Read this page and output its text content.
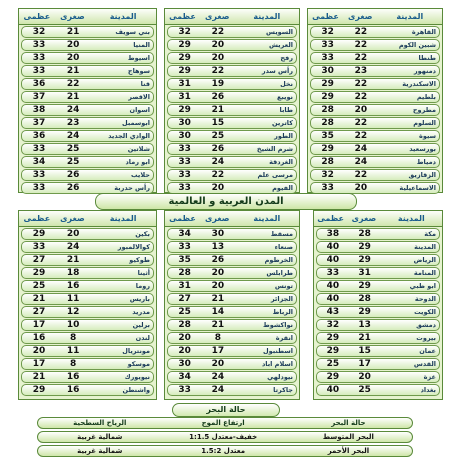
المدينة
صغرى
عظمى
القاهرة
22
32
شبين الكوم
22
33
طنطا
22
33
دمنهور
23
30
الاسكندرية
22
29
بلطيم
22
29
مطروح
20
28
السلوم
22
28
سيوة
22
35
بورسعيد
24
29
دمياط
24
28
الزقازيق
22
32
الاسماعيلية
20
33
المدينة
صغرى
عظمى
السويس
22
32
العريش
20
29
رفح
20
29
رأس سدر
22
29
نخل
19
31
نويبع
26
31
طابا
21
29
كاترين
15
30
الطور
25
30
شرم الشيخ
26
33
الغردقة
24
33
مرسى علم
22
33
الفيوم
20
33
المدينة
صغرى
عظمى
بني سويف
21
32
المنيا
20
33
اسيوط
20
33
سوهاج
21
33
قنا
22
36
الاقصر
21
37
اسوان
24
38
ابوسمبل
23
37
الوادي الجديد
24
36
شلاتين
25
33
ابو رماد
25
34
حلايب
26
33
رأس حدربة
26
33
المدن العربية و العالمية
المدينة
صغرى
عظمى
مكة
28
38
المدينة
29
40
الرياض
29
40
المنامة
31
33
ابو ظبي
29
40
الدوحة
28
40
الكويت
29
43
دمشق
13
32
بيروت
21
29
عمان
15
29
القدس
17
25
غزة
20
29
بغداد
25
40
المدينة
صغرى
عظمى
مسقط
30
34
صنعاء
13
33
الخرطوم
26
35
طرابلس
20
28
تونس
20
31
الجزائر
21
27
الرباط
14
25
نواكشوط
21
28
انقرة
8
20
اسطنبول
17
20
اسلام اباد
20
30
نيودلهي
24
34
جاكرتا
24
33
المدينة
صغرى
عظمى
بكين
20
29
كوالالمبور
24
33
طوكيو
21
27
أثينا
18
29
روما
16
25
باريس
11
21
مدريد
12
27
برلين
10
17
لندن
8
16
مونتريال
11
20
موسكو
8
17
نيويورك
16
21
واشنطن
16
29
حالة البحر
حالة البحر
ارتفاع الموج
الرياح السطحية
البحر المتوسط
خفيف-معتدل 1:1.5
شمالية غربية
البحر الأحمر
معتدل 1.5:2
شمالية غربية
